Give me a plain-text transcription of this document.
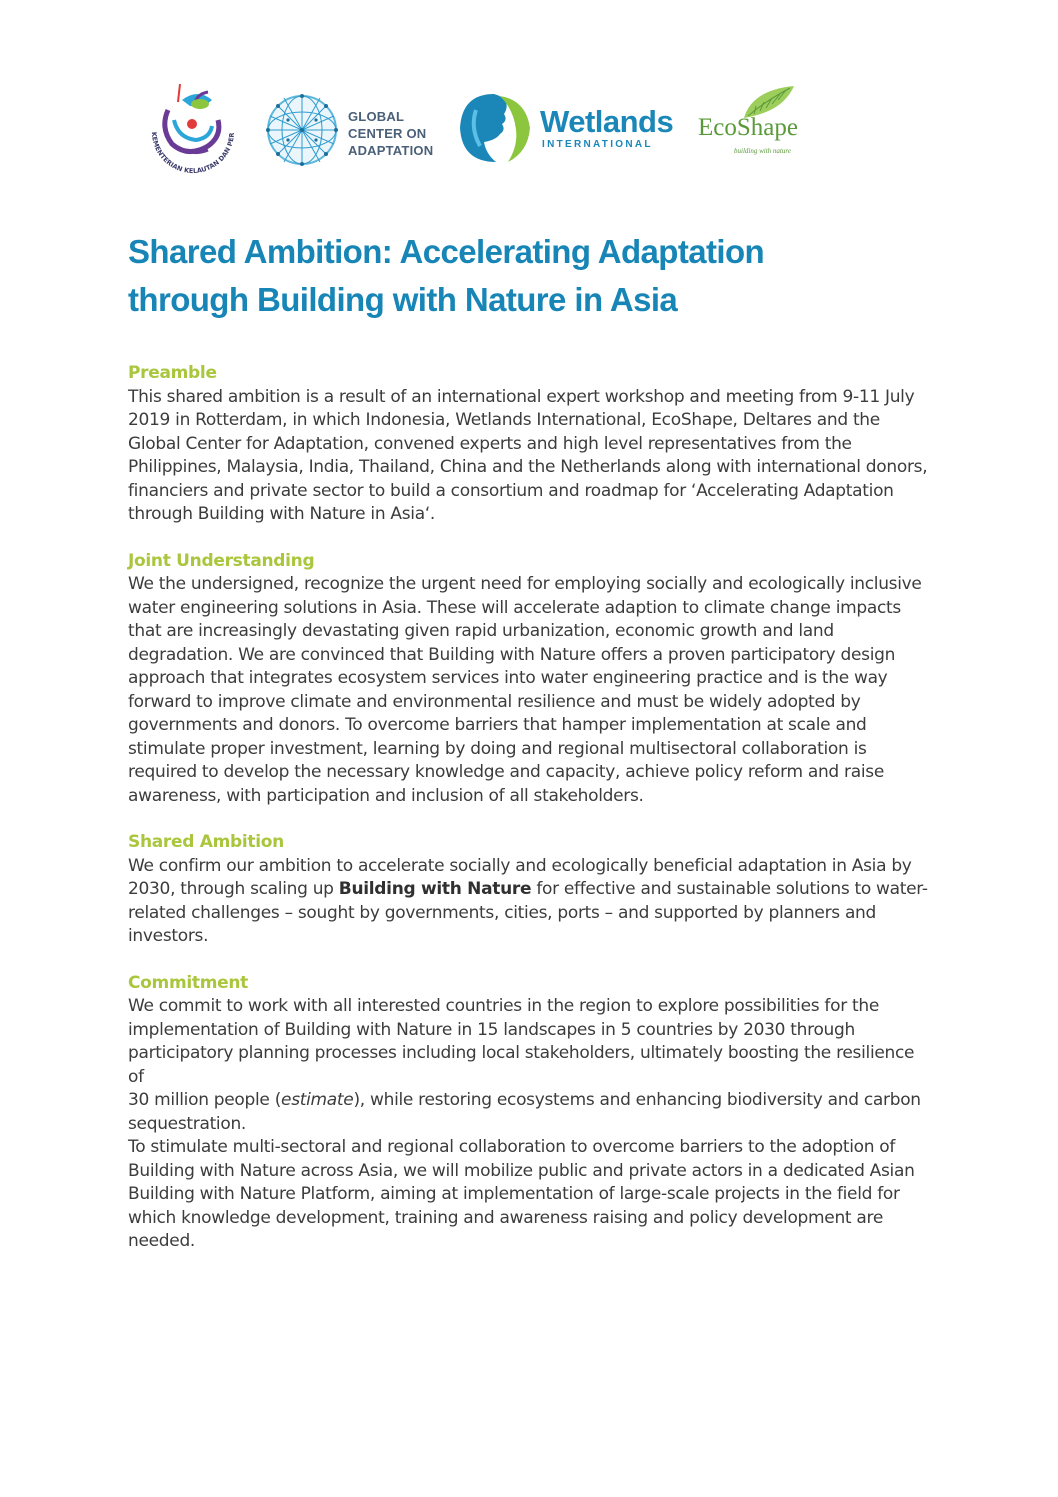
KEMENTERIAN KELAUTAN DAN PER
GLOBAL
CENTER ON
ADAPTATION
Wetlands
INTERNATIONAL
EcoShape
building with nature
Shared Ambition: Accelerating Adaptation
through Building with Nature in Asia
Preamble

This shared ambition is a result of an international expert workshop and meeting from 9-11 July 2019 in Rotterdam, in which Indonesia, Wetlands International, EcoShape, Deltares and the Global Center for Adaptation, convened experts and high level representatives from the Philippines, Malaysia, India, Thailand, China and the Netherlands along with international donors, financiers and private sector to build a consortium and roadmap for ‘Accelerating Adaptation through Building with Nature in Asia‘.

Joint Understanding

We the undersigned, recognize the urgent need for employing socially and ecologically inclusive water engineering solutions in Asia. These will accelerate adaption to climate change impacts that are increasingly devastating given rapid urbanization, economic growth and land degradation. We are convinced that Building with Nature offers a proven participatory design approach that integrates ecosystem services into water engineering practice and is the way forward to improve climate and environmental resilience and must be widely adopted by governments and donors. To overcome barriers that hamper implementation at scale and stimulate proper investment, learning by doing and regional multisectoral collaboration is required to develop the necessary knowledge and capacity, achieve policy reform and raise awareness, with participation and inclusion of all stakeholders.

Shared Ambition

We confirm our ambition to accelerate socially and ecologically beneficial adaptation in Asia by 2030, through scaling up Building with Nature for effective and sustainable solutions to water-related challenges – sought by governments, cities, ports – and supported by planners and investors.

Commitment

We commit to work with all interested countries in the region to explore possibilities for the implementation of Building with Nature in 15 landscapes in 5 countries by 2030 through participatory planning processes including local stakeholders, ultimately boosting the resilience of

30 million people (estimate), while restoring ecosystems and enhancing biodiversity and carbon sequestration.

To stimulate multi-sectoral and regional collaboration to overcome barriers to the adoption of Building with Nature across Asia, we will mobilize public and private actors in a dedicated Asian Building with Nature Platform, aiming at implementation of large-scale projects in the field for which knowledge development, training and awareness raising and policy development are needed.
